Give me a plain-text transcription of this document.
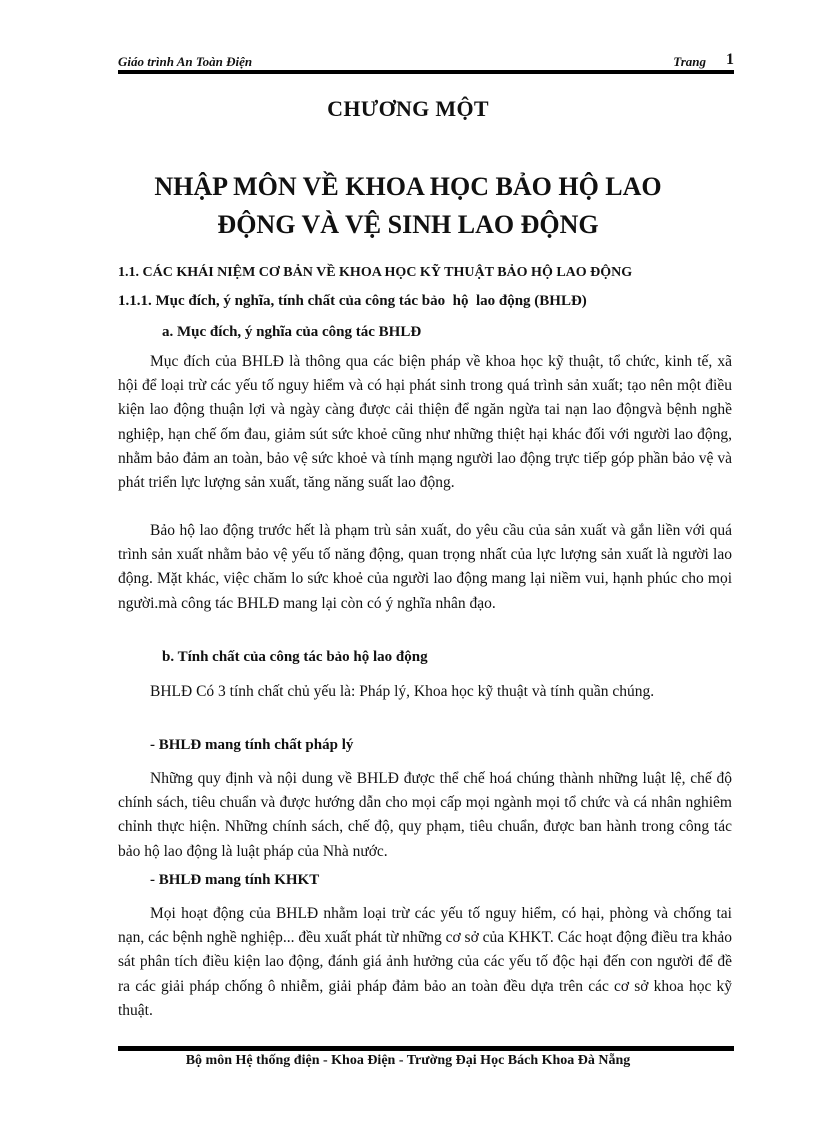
Giáo trình An Toàn Điện	Trang 1
CHƯƠNG MỘT
NHẬP MÔN VỀ KHOA HỌC BẢO HỘ LAO
ĐỘNG VÀ VỆ SINH LAO ĐỘNG
1.1. CÁC KHÁI NIỆM CƠ BẢN VỀ KHOA HỌC KỸ THUẬT BẢO HỘ LAO ĐỘNG
1.1.1. Mục đích, ý nghĩa, tính chất của công tác bảo  hộ  lao động (BHLĐ)
a. Mục đích, ý nghĩa của công tác BHLĐ

Mục đích của BHLĐ là thông qua các biện pháp về khoa học kỹ thuật, tổ chức, kinh tế, xã hội để loại trừ các yếu tố nguy hiểm và có hại phát sinh trong quá trình sản xuất; tạo nên một điều kiện lao động thuận lợi và ngày càng được cải thiện để ngăn ngừa tai nạn lao độngvà bệnh nghề nghiệp, hạn chế ốm đau, giảm sút sức khoẻ cũng như những thiệt hại khác đối với người lao động, nhằm bảo đảm an toàn, bảo vệ sức khoẻ và tính mạng người lao động trực tiếp góp phần bảo vệ và phát triển lực lượng sản xuất, tăng năng suất lao động.

Bảo hộ lao động trước hết là phạm trù sản xuất, do yêu cầu của sản xuất và gắn liền với quá trình sản xuất nhằm bảo vệ yếu tố năng động, quan trọng nhất của lực lượng sản xuất là người lao động. Mặt khác, việc chăm lo sức khoẻ của người lao động mang lại niềm vui, hạnh phúc cho mọi người.mà công tác BHLĐ mang lại còn có ý nghĩa nhân đạo.

b. Tính chất của công tác bảo hộ lao động

BHLĐ Có 3 tính chất chủ yếu là: Pháp lý, Khoa học kỹ thuật và tính quần chúng.

- BHLĐ mang tính chất pháp lý

Những quy định và nội dung về BHLĐ được thể chế hoá chúng thành những luật lệ, chế độ chính sách, tiêu chuẩn và được hướng dẫn cho mọi cấp mọi ngành mọi tổ chức và cá nhân nghiêm chỉnh thực hiện. Những chính sách, chế độ, quy phạm, tiêu chuẩn, được ban hành trong công tác bảo hộ lao động là luật pháp của Nhà nước.

- BHLĐ mang tính KHKT

Mọi hoạt động của BHLĐ nhằm loại trừ các yếu tố nguy hiểm, có hại, phòng và chống tai nạn, các bệnh nghề nghiệp... đều xuất phát từ những cơ sở của KHKT. Các hoạt động điều tra khảo sát phân tích điều kiện lao động, đánh giá ảnh hưởng của các yếu tố độc hại đến con người để đề ra các giải pháp chống ô nhiễm, giải pháp đảm bảo an toàn đều dựa trên các cơ sở khoa học kỹ thuật.

Bộ môn Hệ thống điện - Khoa Điện - Trường Đại Học Bách Khoa Đà Nẵng
